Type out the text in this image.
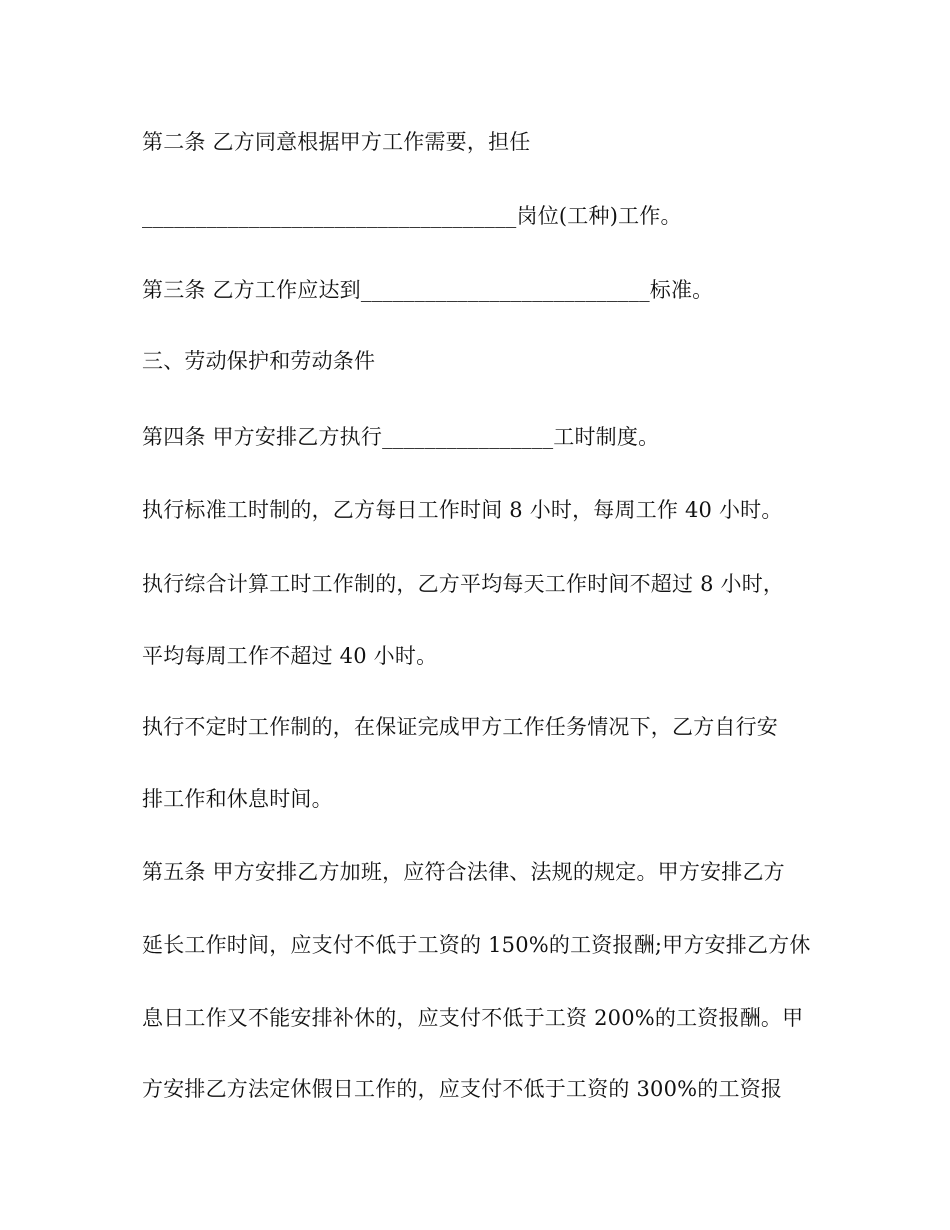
第二条 乙方同意根据甲方工作需要，担任
___________________________________岗位(工种)工作。
第三条 乙方工作应达到___________________________标准。
三、劳动保护和劳动条件
第四条 甲方安排乙方执行________________工时制度。
执行标准工时制的，乙方每日工作时间 8 小时，每周工作 40 小时。
执行综合计算工时工作制的，乙方平均每天工作时间不超过 8 小时，
平均每周工作不超过 40 小时。
执行不定时工作制的，在保证完成甲方工作任务情况下，乙方自行安
排工作和休息时间。
第五条 甲方安排乙方加班，应符合法律、法规的规定。甲方安排乙方
延长工作时间，应支付不低于工资的 150%的工资报酬;甲方安排乙方休
息日工作又不能安排补休的，应支付不低于工资 200%的工资报酬。甲
方安排乙方法定休假日工作的，应支付不低于工资的 300%的工资报
